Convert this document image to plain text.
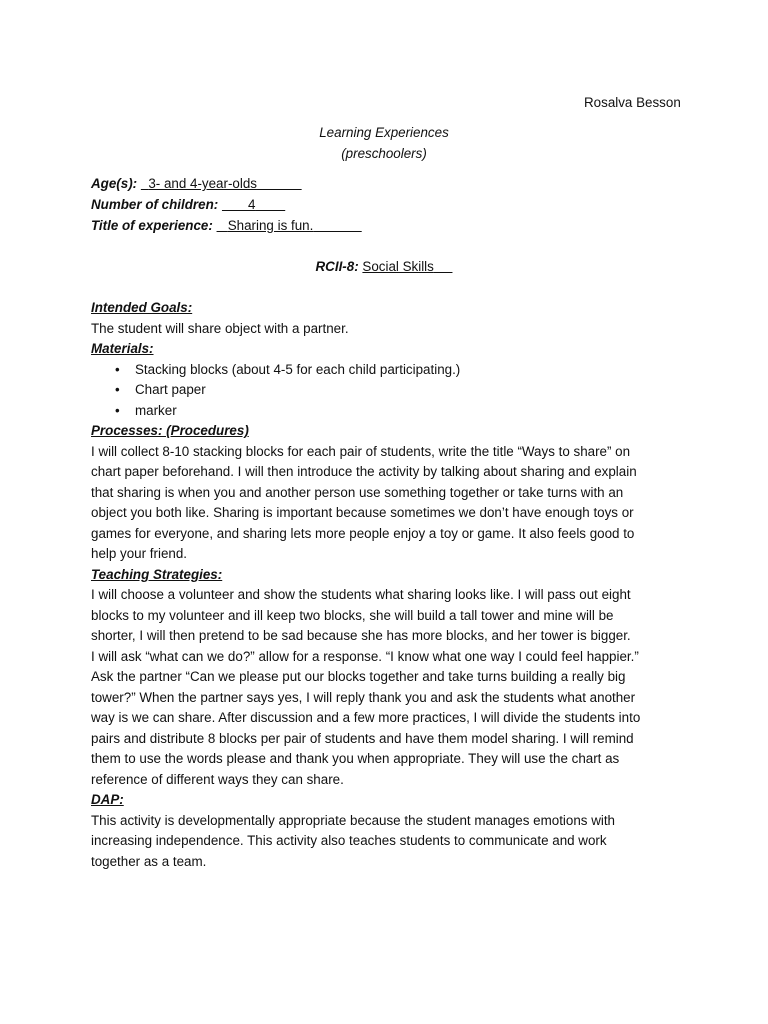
Rosalva Besson
Learning Experiences
(preschoolers)
Age(s): 3- and 4-year-olds
Number of children: 4
Title of experience: Sharing is fun.
RCII-8: Social Skills

Intended Goals:

The student will share object with a partner.

Materials:

• Stacking blocks (about 4-5 for each child participating.)
• Chart paper
• marker

Processes: (Procedures)

I will collect 8-10 stacking blocks for each pair of students, write the title “Ways to share” on
chart paper beforehand. I will then introduce the activity by talking about sharing and explain
that sharing is when you and another person use something together or take turns with an
object you both like. Sharing is important because sometimes we don’t have enough toys or
games for everyone, and sharing lets more people enjoy a toy or game. It also feels good to
help your friend.

Teaching Strategies:

I will choose a volunteer and show the students what sharing looks like. I will pass out eight
blocks to my volunteer and ill keep two blocks, she will build a tall tower and mine will be
shorter, I will then pretend to be sad because she has more blocks, and her tower is bigger.
I will ask “what can we do?” allow for a response. “I know what one way I could feel happier.”
Ask the partner “Can we please put our blocks together and take turns building a really big
tower?” When the partner says yes, I will reply thank you and ask the students what another
way is we can share. After discussion and a few more practices, I will divide the students into
pairs and distribute 8 blocks per pair of students and have them model sharing. I will remind
them to use the words please and thank you when appropriate. They will use the chart as
reference of different ways they can share.

DAP:

This activity is developmentally appropriate because the student manages emotions with
increasing independence. This activity also teaches students to communicate and work
together as a team.
